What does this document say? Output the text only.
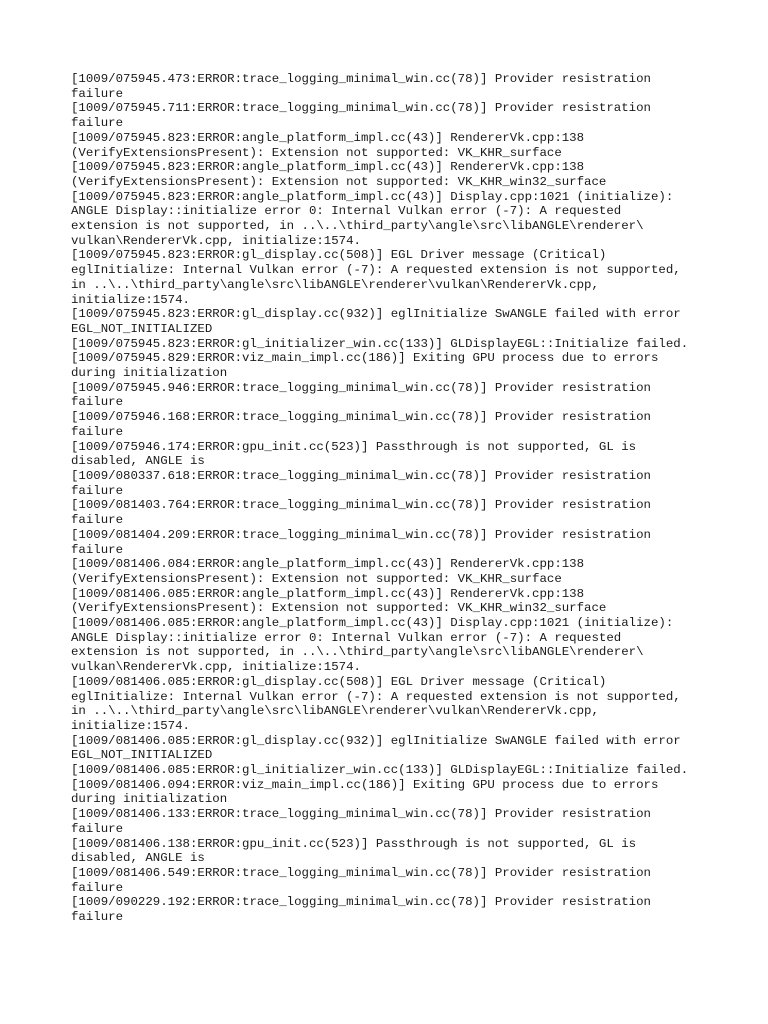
[1009/075945.473:ERROR:trace_logging_minimal_win.cc(78)] Provider resistration
failure
[1009/075945.711:ERROR:trace_logging_minimal_win.cc(78)] Provider resistration
failure
[1009/075945.823:ERROR:angle_platform_impl.cc(43)] RendererVk.cpp:138
(VerifyExtensionsPresent): Extension not supported: VK_KHR_surface
[1009/075945.823:ERROR:angle_platform_impl.cc(43)] RendererVk.cpp:138
(VerifyExtensionsPresent): Extension not supported: VK_KHR_win32_surface
[1009/075945.823:ERROR:angle_platform_impl.cc(43)] Display.cpp:1021 (initialize):
ANGLE Display::initialize error 0: Internal Vulkan error (-7): A requested
extension is not supported, in ..\..\third_party\angle\src\libANGLE\renderer\
vulkan\RendererVk.cpp, initialize:1574.
[1009/075945.823:ERROR:gl_display.cc(508)] EGL Driver message (Critical)
eglInitialize: Internal Vulkan error (-7): A requested extension is not supported,
in ..\..\third_party\angle\src\libANGLE\renderer\vulkan\RendererVk.cpp,
initialize:1574.
[1009/075945.823:ERROR:gl_display.cc(932)] eglInitialize SwANGLE failed with error
EGL_NOT_INITIALIZED
[1009/075945.823:ERROR:gl_initializer_win.cc(133)] GLDisplayEGL::Initialize failed.
[1009/075945.829:ERROR:viz_main_impl.cc(186)] Exiting GPU process due to errors
during initialization
[1009/075945.946:ERROR:trace_logging_minimal_win.cc(78)] Provider resistration
failure
[1009/075946.168:ERROR:trace_logging_minimal_win.cc(78)] Provider resistration
failure
[1009/075946.174:ERROR:gpu_init.cc(523)] Passthrough is not supported, GL is
disabled, ANGLE is
[1009/080337.618:ERROR:trace_logging_minimal_win.cc(78)] Provider resistration
failure
[1009/081403.764:ERROR:trace_logging_minimal_win.cc(78)] Provider resistration
failure
[1009/081404.209:ERROR:trace_logging_minimal_win.cc(78)] Provider resistration
failure
[1009/081406.084:ERROR:angle_platform_impl.cc(43)] RendererVk.cpp:138
(VerifyExtensionsPresent): Extension not supported: VK_KHR_surface
[1009/081406.085:ERROR:angle_platform_impl.cc(43)] RendererVk.cpp:138
(VerifyExtensionsPresent): Extension not supported: VK_KHR_win32_surface
[1009/081406.085:ERROR:angle_platform_impl.cc(43)] Display.cpp:1021 (initialize):
ANGLE Display::initialize error 0: Internal Vulkan error (-7): A requested
extension is not supported, in ..\..\third_party\angle\src\libANGLE\renderer\
vulkan\RendererVk.cpp, initialize:1574.
[1009/081406.085:ERROR:gl_display.cc(508)] EGL Driver message (Critical)
eglInitialize: Internal Vulkan error (-7): A requested extension is not supported,
in ..\..\third_party\angle\src\libANGLE\renderer\vulkan\RendererVk.cpp,
initialize:1574.
[1009/081406.085:ERROR:gl_display.cc(932)] eglInitialize SwANGLE failed with error
EGL_NOT_INITIALIZED
[1009/081406.085:ERROR:gl_initializer_win.cc(133)] GLDisplayEGL::Initialize failed.
[1009/081406.094:ERROR:viz_main_impl.cc(186)] Exiting GPU process due to errors
during initialization
[1009/081406.133:ERROR:trace_logging_minimal_win.cc(78)] Provider resistration
failure
[1009/081406.138:ERROR:gpu_init.cc(523)] Passthrough is not supported, GL is
disabled, ANGLE is
[1009/081406.549:ERROR:trace_logging_minimal_win.cc(78)] Provider resistration
failure
[1009/090229.192:ERROR:trace_logging_minimal_win.cc(78)] Provider resistration
failure
